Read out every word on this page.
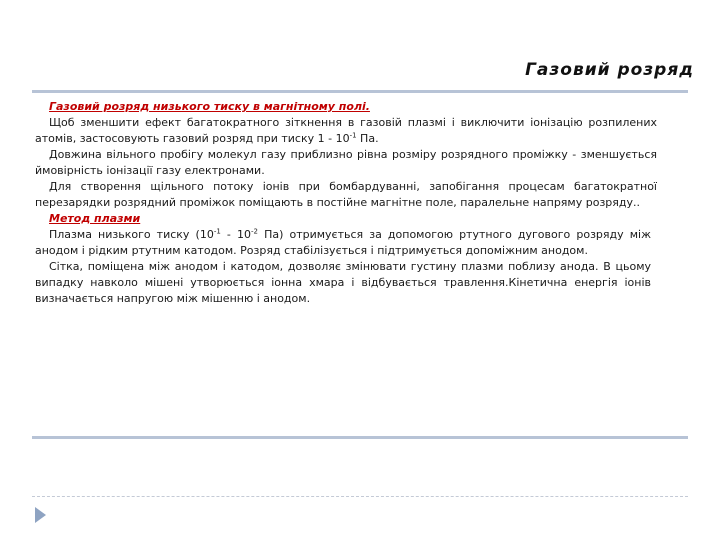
Газовий розряд

Газовий розряд низького тиску в магнітному полі.

Щоб зменшити ефект багатократного зіткнення в газовій плазмі і виключити іонізацію розпилених атомів, застосовують газовий розряд при тиску $1 - 10^{-1}$ Па.

Довжина вільного пробігу молекул газу приблизно рівна розміру розрядного проміжку - зменшується ймовірність іонізації газу електронами.

Для створення щільного потоку іонів при бомбардуванні, запобігання процесам багатократної перезарядки розрядний проміжок поміщають в постійне магнітне поле, паралельне напряму розряду..

Метод плазми

Плазма низького тиску ($10^{-1} - 10^{-2}$ Па) отримується за допомогою ртутного дугового розряду між анодом і рідким ртутним катодом. Розряд стабілізується і підтримується допоміжним анодом.

Сітка, поміщена між анодом і катодом, дозволяє змінювати густину плазми поблизу анода. В цьому випадку навколо мішені утворюється іонна хмара і відбувається травлення.Кінетична енергія іонів визначається напругою між мішенню і анодом.
